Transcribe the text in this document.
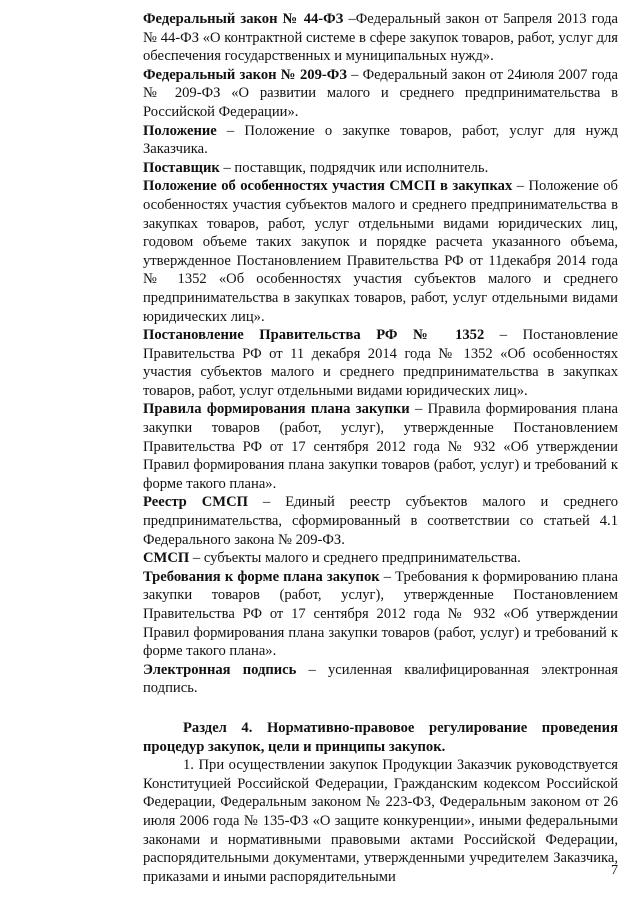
Федеральный закон № 44-ФЗ –Федеральный закон от 5апреля 2013 года № 44-ФЗ «О контрактной системе в сфере закупок товаров, работ, услуг для обеспечения государственных и муниципальных нужд».

Федеральный закон № 209-ФЗ – Федеральный закон от 24июля 2007 года № 209-ФЗ «О развитии малого и среднего предпринимательства в Российской Федерации».

Положение – Положение о закупке товаров, работ, услуг для нужд Заказчика.

Поставщик – поставщик, подрядчик или исполнитель.

Положение об особенностях участия СМСП в закупках – Положение об особенностях участия субъектов малого и среднего предпринимательства в закупках товаров, работ, услуг отдельными видами юридических лиц, годовом объеме таких закупок и порядке расчета указанного объема, утвержденное Постановлением Правительства РФ от 11декабря 2014 года № 1352 «Об особенностях участия субъектов малого и среднего предпринимательства в закупках товаров, работ, услуг отдельными видами юридических лиц».

Постановление Правительства РФ № 1352 – Постановление Правительства РФ от 11 декабря 2014 года № 1352 «Об особенностях участия субъектов малого и среднего предпринимательства в закупках товаров, работ, услуг отдельными видами юридических лиц».

Правила формирования плана закупки – Правила формирования плана закупки товаров (работ, услуг), утвержденные Постановлением Правительства РФ от 17 сентября 2012 года № 932 «Об утверждении Правил формирования плана закупки товаров (работ, услуг) и требований к форме такого плана».

Реестр СМСП – Единый реестр субъектов малого и среднего предпринимательства, сформированный в соответствии со статьей 4.1 Федерального закона № 209-ФЗ.

СМСП – субъекты малого и среднего предпринимательства.

Требования к форме плана закупок – Требования к формированию плана закупки товаров (работ, услуг), утвержденные Постановлением Правительства РФ от 17 сентября 2012 года № 932 «Об утверждении Правил формирования плана закупки товаров (работ, услуг) и требований к форме такого плана».

Электронная подпись – усиленная квалифицированная электронная подпись.

Раздел 4. Нормативно-правовое регулирование проведения процедур закупок, цели и принципы закупок.

1. При осуществлении закупок Продукции Заказчик руководствуется Конституцией Российской Федерации, Гражданским кодексом Российской Федерации, Федеральным законом № 223-ФЗ, Федеральным законом от 26 июля 2006 года № 135-ФЗ «О защите конкуренции», иными федеральными законами и нормативными правовыми актами Российской Федерации, распорядительными документами, утвержденными учредителем Заказчика, приказами и иными распорядительными	7
